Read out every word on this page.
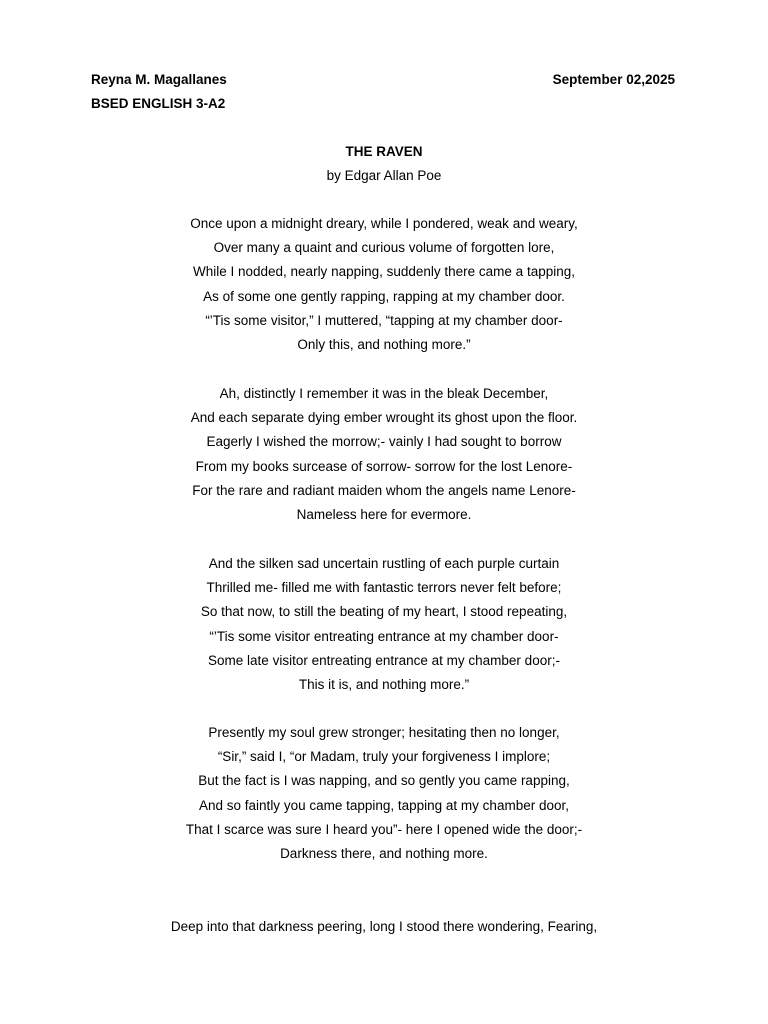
Reyna M. Magallanes	September 02,2025
BSED ENGLISH 3-A2
THE RAVEN
by Edgar Allan Poe
Once upon a midnight dreary, while I pondered, weak and weary,
Over many a quaint and curious volume of forgotten lore,
While I nodded, nearly napping, suddenly there came a tapping,
As of some one gently rapping, rapping at my chamber door.
“’Tis some visitor,” I muttered, “tapping at my chamber door-
Only this, and nothing more.”
Ah, distinctly I remember it was in the bleak December,
And each separate dying ember wrought its ghost upon the floor.
Eagerly I wished the morrow;- vainly I had sought to borrow
From my books surcease of sorrow- sorrow for the lost Lenore-
For the rare and radiant maiden whom the angels name Lenore-
Nameless here for evermore.
And the silken sad uncertain rustling of each purple curtain
Thrilled me- filled me with fantastic terrors never felt before;
So that now, to still the beating of my heart, I stood repeating,
“’Tis some visitor entreating entrance at my chamber door-
Some late visitor entreating entrance at my chamber door;-
This it is, and nothing more.”
Presently my soul grew stronger; hesitating then no longer,
“Sir,” said I, “or Madam, truly your forgiveness I implore;
But the fact is I was napping, and so gently you came rapping,
And so faintly you came tapping, tapping at my chamber door,
That I scarce was sure I heard you”- here I opened wide the door;-
Darkness there, and nothing more.
Deep into that darkness peering, long I stood there wondering, Fearing,
